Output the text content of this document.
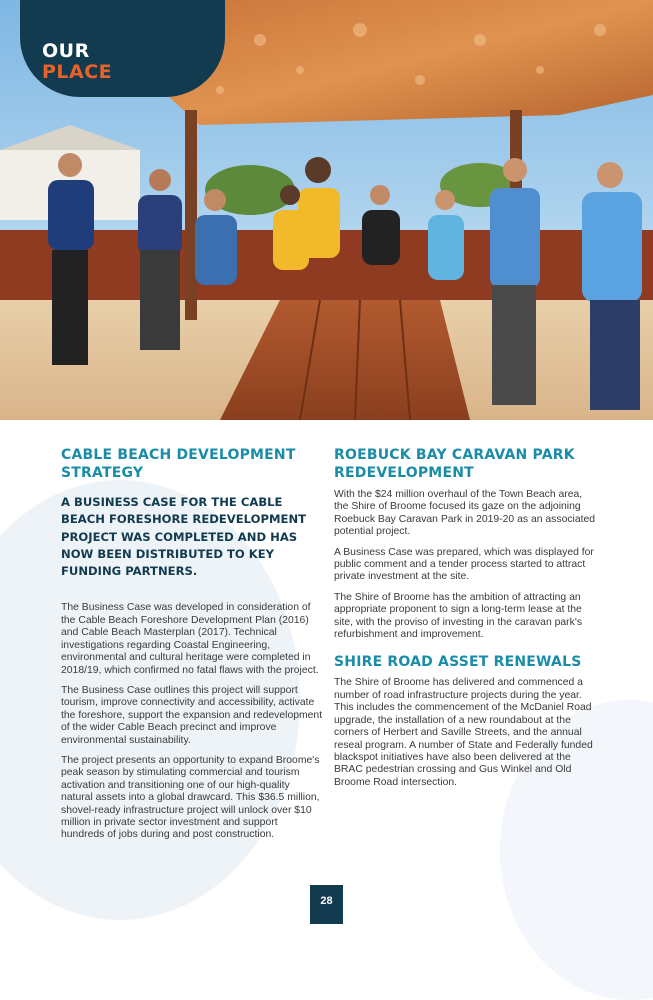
OUR
PLACE
CABLE BEACH DEVELOPMENT STRATEGY
A BUSINESS CASE FOR THE CABLE BEACH FORESHORE REDEVELOPMENT PROJECT WAS COMPLETED AND HAS NOW BEEN DISTRIBUTED TO KEY FUNDING PARTNERS.

The Business Case was developed in consideration of the Cable Beach Foreshore Development Plan (2016) and Cable Beach Masterplan (2017). Technical investigations regarding Coastal Engineering, environmental and cultural heritage were completed in 2018/19, which confirmed no fatal flaws with the project.

The Business Case outlines this project will support tourism, improve connectivity and accessibility, activate the foreshore, support the expansion and redevelopment of the wider Cable Beach precinct and improve environmental sustainability.

The project presents an opportunity to expand Broome's peak season by stimulating commercial and tourism activation and transitioning one of our high-quality natural assets into a global drawcard. This $36.5 million, shovel-ready infrastructure project will unlock over $10 million in private sector investment and support hundreds of jobs during and post construction.

ROEBUCK BAY CARAVAN PARK REDEVELOPMENT

With the $24 million overhaul of the Town Beach area, the Shire of Broome focused its gaze on the adjoining Roebuck Bay Caravan Park in 2019-20 as an associated potential project.

A Business Case was prepared, which was displayed for public comment and a tender process started to attract private investment at the site.

The Shire of Broome has the ambition of attracting an appropriate proponent to sign a long-term lease at the site, with the proviso of investing in the caravan park's refurbishment and improvement.

SHIRE ROAD ASSET RENEWALS

The Shire of Broome has delivered and commenced a number of road infrastructure projects during the year. This includes the commencement of the McDaniel Road upgrade, the installation of a new roundabout at the corners of Herbert and Saville Streets, and the annual reseal program. A number of State and Federally funded blackspot initiatives have also been delivered at the BRAC pedestrian crossing and Gus Winkel and Old Broome Road intersection.

28
